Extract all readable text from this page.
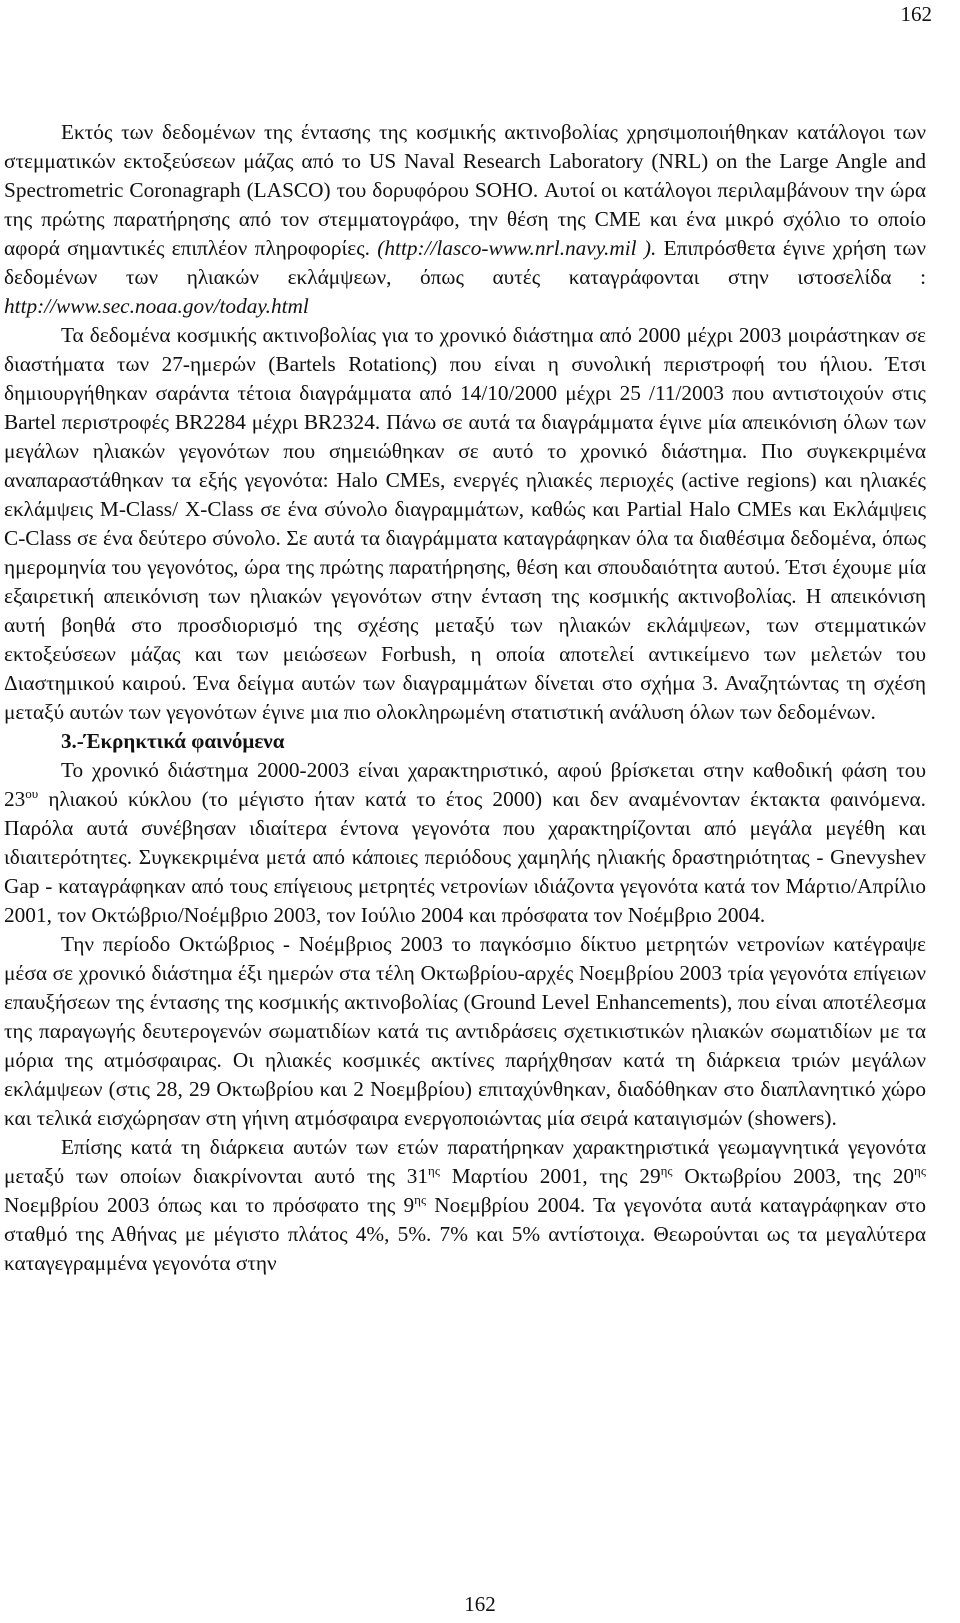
162

Εκτός των δεδομένων της έντασης της κοσμικής ακτινοβολίας χρησιμοποιήθηκαν κατάλογοι των στεμματικών εκτοξεύσεων μάζας από το US Naval Research Laboratory (NRL) on the Large Angle and Spectrometric Coronagraph (LASCO) του δορυφόρου SOHO. Αυτοί οι κατάλογοι περιλαμβάνουν την ώρα της πρώτης παρατήρησης από τον στεμματογράφο, την θέση της CME και ένα μικρό σχόλιο το οποίο αφορά σημαντικές επιπλέον πληροφορίες. (http://lasco-www.nrl.navy.mil ). Επιπρόσθετα έγινε χρήση των δεδομένων των ηλιακών εκλάμψεων, όπως αυτές καταγράφονται στην ιστοσελίδα : http://www.sec.noaa.gov/today.html

Τα δεδομένα κοσμικής ακτινοβολίας για το χρονικό διάστημα από 2000 μέχρι 2003 μοιράστηκαν σε διαστήματα των 27-ημερών (Bartels Rotationς) που είναι η συνολική περιστροφή του ήλιου. Έτσι δημιουργήθηκαν σαράντα τέτοια διαγράμματα από 14/10/2000 μέχρι 25 /11/2003 που αντιστοιχούν στις Bartel περιστροφές BR2284 μέχρι BR2324. Πάνω σε αυτά τα διαγράμματα έγινε μία απεικόνιση όλων των μεγάλων ηλιακών γεγονότων που σημειώθηκαν σε αυτό το χρονικό διάστημα. Πιο συγκεκριμένα αναπαραστάθηκαν τα εξής γεγονότα: Halo CMEs, ενεργές ηλιακές περιοχές (active regions) και ηλιακές εκλάμψεις M-Class/ X-Class σε ένα σύνολο διαγραμμάτων, καθώς και Partial Halo CMEs και Εκλάμψεις C-Class σε ένα δεύτερο σύνολο. Σε αυτά τα διαγράμματα καταγράφηκαν όλα τα διαθέσιμα δεδομένα, όπως ημερομηνία του γεγονότος, ώρα της πρώτης παρατήρησης, θέση και σπουδαιότητα αυτού. Έτσι έχουμε μία εξαιρετική απεικόνιση των ηλιακών γεγονότων στην ένταση της κοσμικής ακτινοβολίας. Η απεικόνιση αυτή βοηθά στο προσδιορισμό της σχέσης μεταξύ των ηλιακών εκλάμψεων, των στεμματικών εκτοξεύσεων μάζας και των μειώσεων Forbush, η οποία αποτελεί αντικείμενο των μελετών του Διαστημικού καιρού. Ένα δείγμα αυτών των διαγραμμάτων δίνεται στο σχήμα 3. Αναζητώντας τη σχέση μεταξύ αυτών των γεγονότων έγινε μια πιο ολοκληρωμένη στατιστική ανάλυση όλων των δεδομένων.

3.-Έκρηκτικά φαινόμενα

Το χρονικό διάστημα 2000-2003 είναι χαρακτηριστικό, αφού βρίσκεται στην καθοδική φάση του $23^{o\upsilon}$ ηλιακού κύκλου (το μέγιστο ήταν κατά το έτος 2000) και δεν αναμένονταν έκτακτα φαινόμενα. Παρόλα αυτά συνέβησαν ιδιαίτερα έντονα γεγονότα που χαρακτηρίζονται από μεγάλα μεγέθη και ιδιαιτερότητες. Συγκεκριμένα μετά από κάποιες περιόδους χαμηλής ηλιακής δραστηριότητας - Gnevyshev Gap - καταγράφηκαν από τους επίγειους μετρητές νετρονίων ιδιάζοντα γεγονότα κατά τον Μάρτιο/Απρίλιο 2001, τον Οκτώβριο/Νοέμβριο 2003, τον Ιούλιο 2004 και πρόσφατα τον Νοέμβριο 2004.

Την περίοδο Οκτώβριος - Νοέμβριος 2003 το παγκόσμιο δίκτυο μετρητών νετρονίων κατέγραψε μέσα σε χρονικό διάστημα έξι ημερών στα τέλη Οκτωβρίου-αρχές Νοεμβρίου 2003 τρία γεγονότα επίγειων επαυξήσεων της έντασης της κοσμικής ακτινοβολίας (Ground Level Enhancements), που είναι αποτέλεσμα της παραγωγής δευτερογενών σωματιδίων κατά τις αντιδράσεις σχετικιστικών ηλιακών σωματιδίων με τα μόρια της ατμόσφαιρας. Οι ηλιακές κοσμικές ακτίνες παρήχθησαν κατά τη διάρκεια τριών μεγάλων εκλάμψεων (στις 28, 29 Οκτωβρίου και 2 Νοεμβρίου) επιταχύνθηκαν, διαδόθηκαν στο διαπλανητικό χώρο και τελικά εισχώρησαν στη γήινη ατμόσφαιρα ενεργοποιώντας μία σειρά καταιγισμών (showers).

Επίσης κατά τη διάρκεια αυτών των ετών παρατήρηκαν χαρακτηριστικά γεωμαγνητικά γεγονότα μεταξύ των οποίων διακρίνονται αυτό της $31^{\eta\varsigma}$ Μαρτίου 2001, της $29^{\eta\varsigma}$ Οκτωβρίου 2003, της $20^{\eta\varsigma}$ Νοεμβρίου 2003 όπως και το πρόσφατο της $9^{\eta\varsigma}$ Νοεμβρίου 2004. Τα γεγονότα αυτά καταγράφηκαν στο σταθμό της Αθήνας με μέγιστο πλάτος 4%, 5%. 7% και 5% αντίστοιχα. Θεωρούνται ως τα μεγαλύτερα καταγεγραμμένα γεγονότα στην

162
